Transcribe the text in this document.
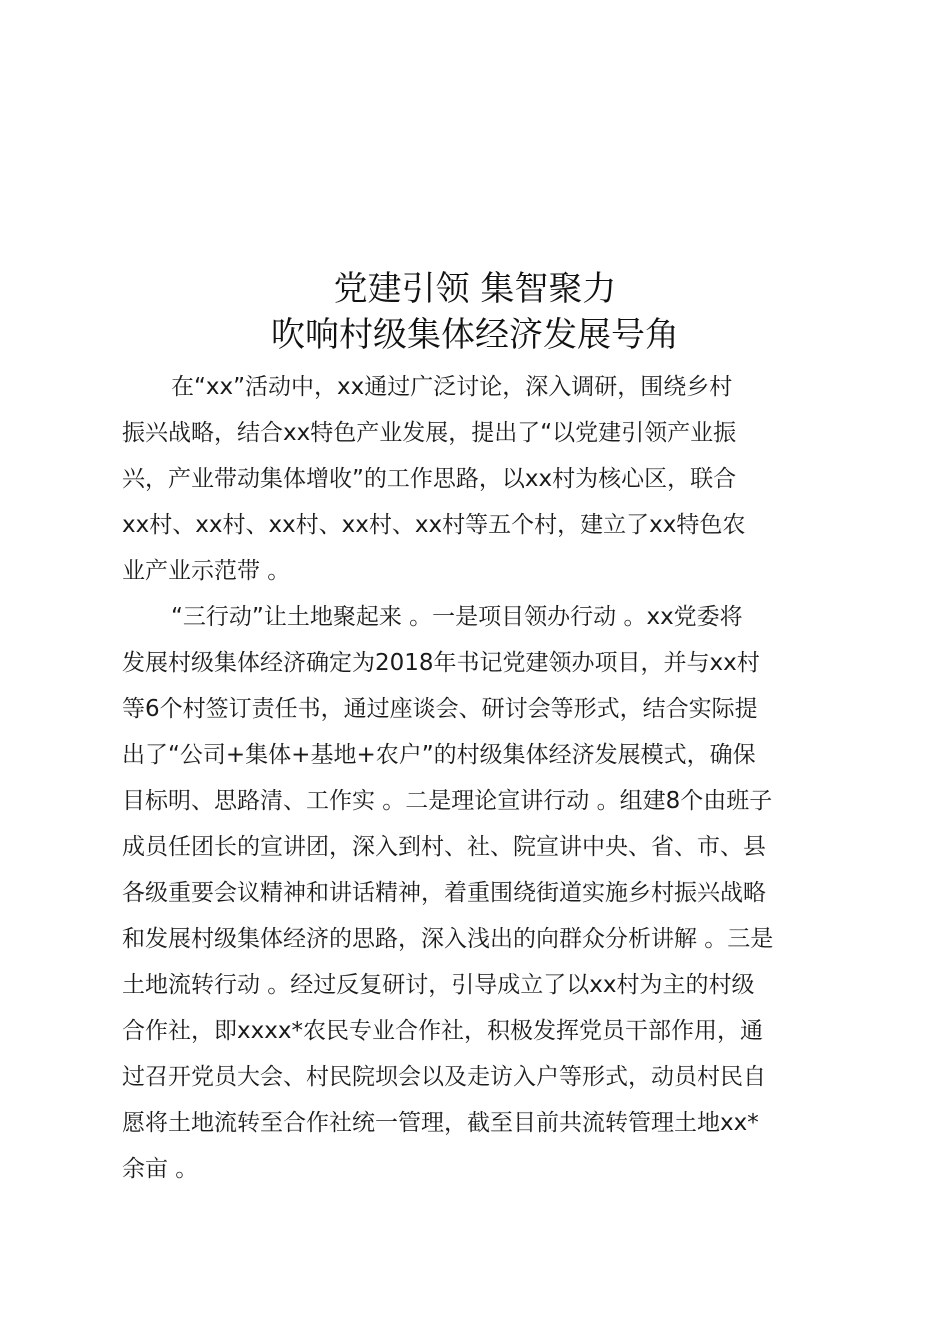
党建引领 集智聚力
吹响村级集体经济发展号角
在“xx”活动中，xx通过广泛讨论，深入调研，围绕乡村
振兴战略，结合xx特色产业发展，提出了“以党建引领产业振
兴，产业带动集体增收”的工作思路，以xx村为核心区，联合
xx村、xx村、xx村、xx村、xx村等五个村，建立了xx特色农
业产业示范带 。
“三行动”让土地聚起来 。一是项目领办行动 。xx党委将
发展村级集体经济确定为2018年书记党建领办项目，并与xx村
等6个村签订责任书，通过座谈会、研讨会等形式，结合实际提
出了“公司+集体+基地+农户”的村级集体经济发展模式，确保
目标明、思路清、工作实 。二是理论宣讲行动 。组建8个由班子
成员任团长的宣讲团，深入到村、社、院宣讲中央、省、市、县
各级重要会议精神和讲话精神，着重围绕街道实施乡村振兴战略
和发展村级集体经济的思路，深入浅出的向群众分析讲解 。三是
土地流转行动 。经过反复研讨，引导成立了以xx村为主的村级
合作社，即xxxx*农民专业合作社，积极发挥党员干部作用，通
过召开党员大会、村民院坝会以及走访入户等形式，动员村民自
愿将土地流转至合作社统一管理，截至目前共流转管理土地xx*
余亩 。
